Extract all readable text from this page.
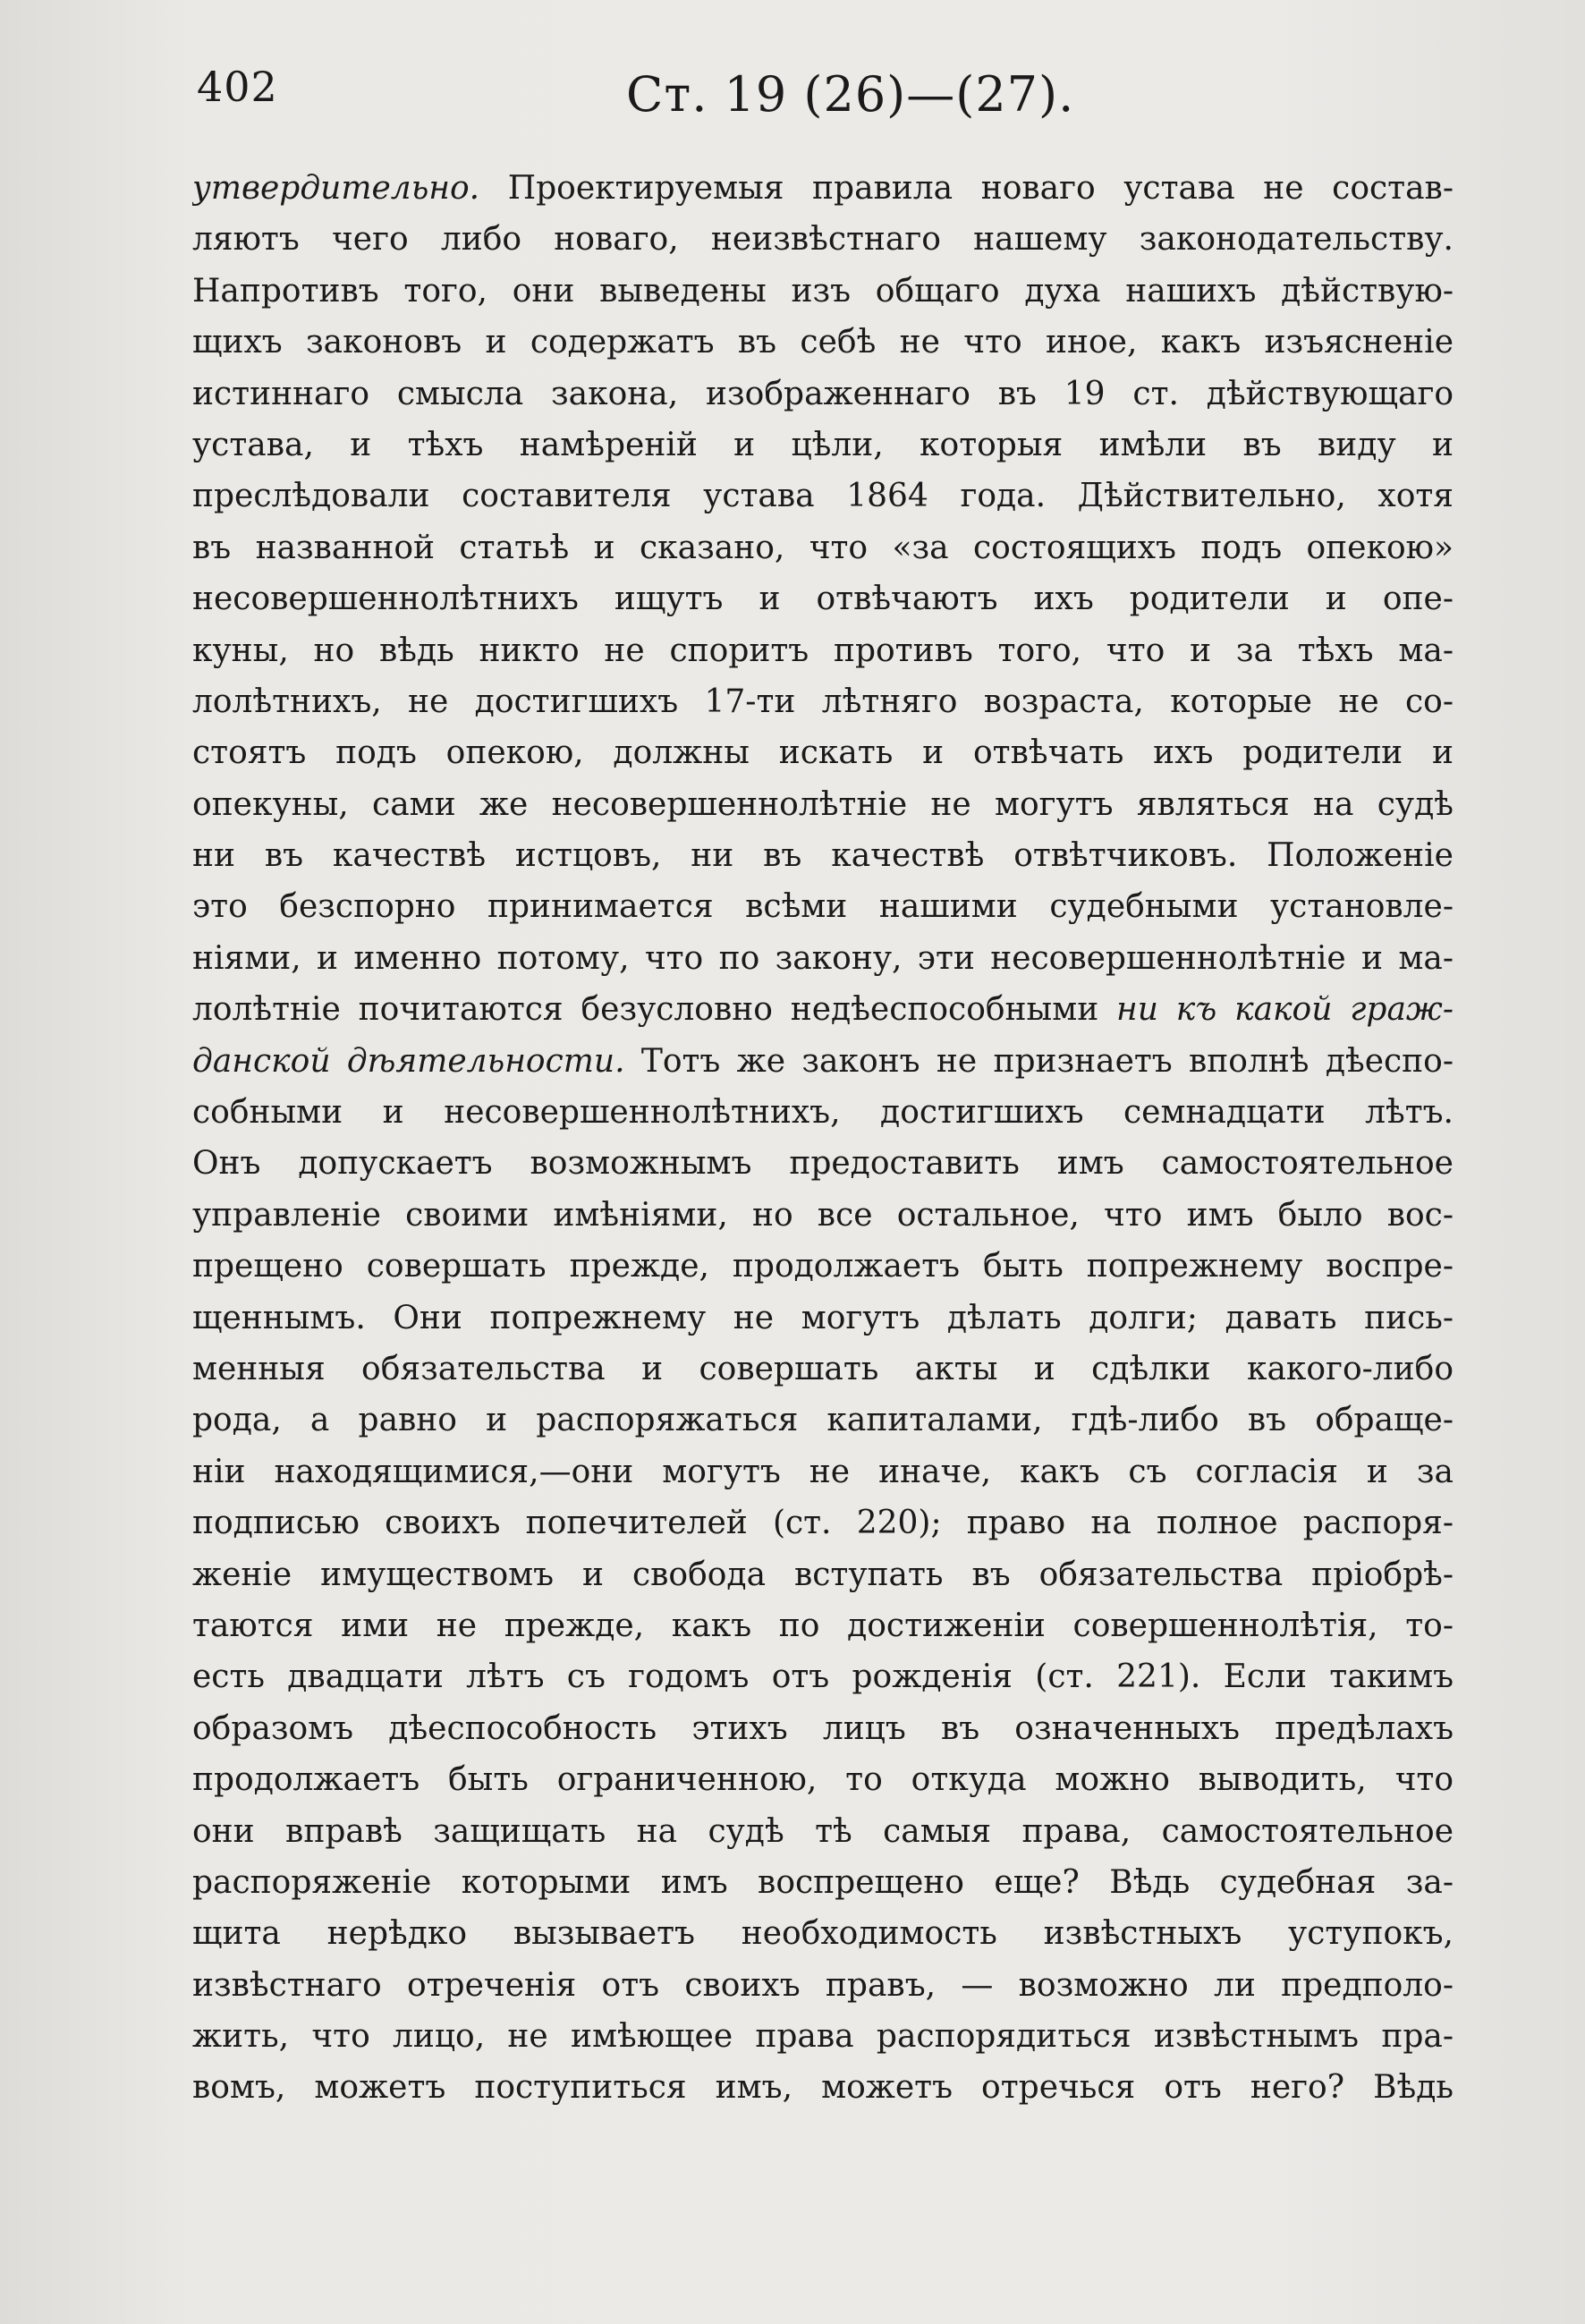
402	Ст. 19 (26)—(27).
утвердительно. Проектируемыя правила новаго устава не состав-
ляютъ чего либо новаго, неизвѣстнаго нашему законодательству.
Напротивъ того, они выведены изъ общаго духа нашихъ дѣйствую-
щихъ законовъ и содержатъ въ себѣ не что иное, какъ изъясненіе
истиннаго смысла закона, изображеннаго въ 19 ст. дѣйствующаго
устава, и тѣхъ намѣреній и цѣли, которыя имѣли въ виду и
преслѣдовали составителя устава 1864 года. Дѣйствительно, хотя
въ названной статьѣ и сказано, что «за состоящихъ подъ опекою»
несовершеннолѣтнихъ ищутъ и отвѣчаютъ ихъ родители и опе-
куны, но вѣдь никто не споритъ противъ того, что и за тѣхъ ма-
лолѣтнихъ, не достигшихъ 17-ти лѣтняго возраста, которые не со-
стоятъ подъ опекою, должны искать и отвѣчать ихъ родители и
опекуны, сами же несовершеннолѣтніе не могутъ являться на судѣ
ни въ качествѣ истцовъ, ни въ качествѣ отвѣтчиковъ. Положеніе
это безспорно принимается всѣми нашими судебными установле-
ніями, и именно потому, что по закону, эти несовершеннолѣтніе и ма-
лолѣтніе почитаются безусловно недѣеспособными ни къ какой граж-
данской дѣятельности. Тотъ же законъ не признаетъ вполнѣ дѣеспо-
собными и несовершеннолѣтнихъ, достигшихъ семнадцати лѣтъ.
Онъ допускаетъ возможнымъ предоставить имъ самостоятельное
управленіе своими имѣніями, но все остальное, что имъ было вос-
прещено совершать прежде, продолжаетъ быть попрежнему воспре-
щеннымъ. Они попрежнему не могутъ дѣлать долги; давать пись-
менныя обязательства и совершать акты и сдѣлки какого-либо
рода, а равно и распоряжаться капиталами, гдѣ-либо въ обраще-
ніи находящимися,—они могутъ не иначе, какъ съ согласія и за
подписью своихъ попечителей (ст. 220); право на полное распоря-
женіе имуществомъ и свобода вступать въ обязательства пріобрѣ-
таются ими не прежде, какъ по достиженіи совершеннолѣтія, то-
есть двадцати лѣтъ съ годомъ отъ рожденія (ст. 221). Если такимъ
образомъ дѣеспособность этихъ лицъ въ означенныхъ предѣлахъ
продолжаетъ быть ограниченною, то откуда можно выводить, что
они вправѣ защищать на судѣ тѣ самыя права, самостоятельное
распоряженіе которыми имъ воспрещено еще? Вѣдь судебная за-
щита нерѣдко вызываетъ необходимость извѣстныхъ уступокъ,
извѣстнаго отреченія отъ своихъ правъ, — возможно ли предполо-
жить, что лицо, не имѣющее права распорядиться извѣстнымъ пра-
вомъ, можетъ поступиться имъ, можетъ отречься отъ него? Вѣдь
